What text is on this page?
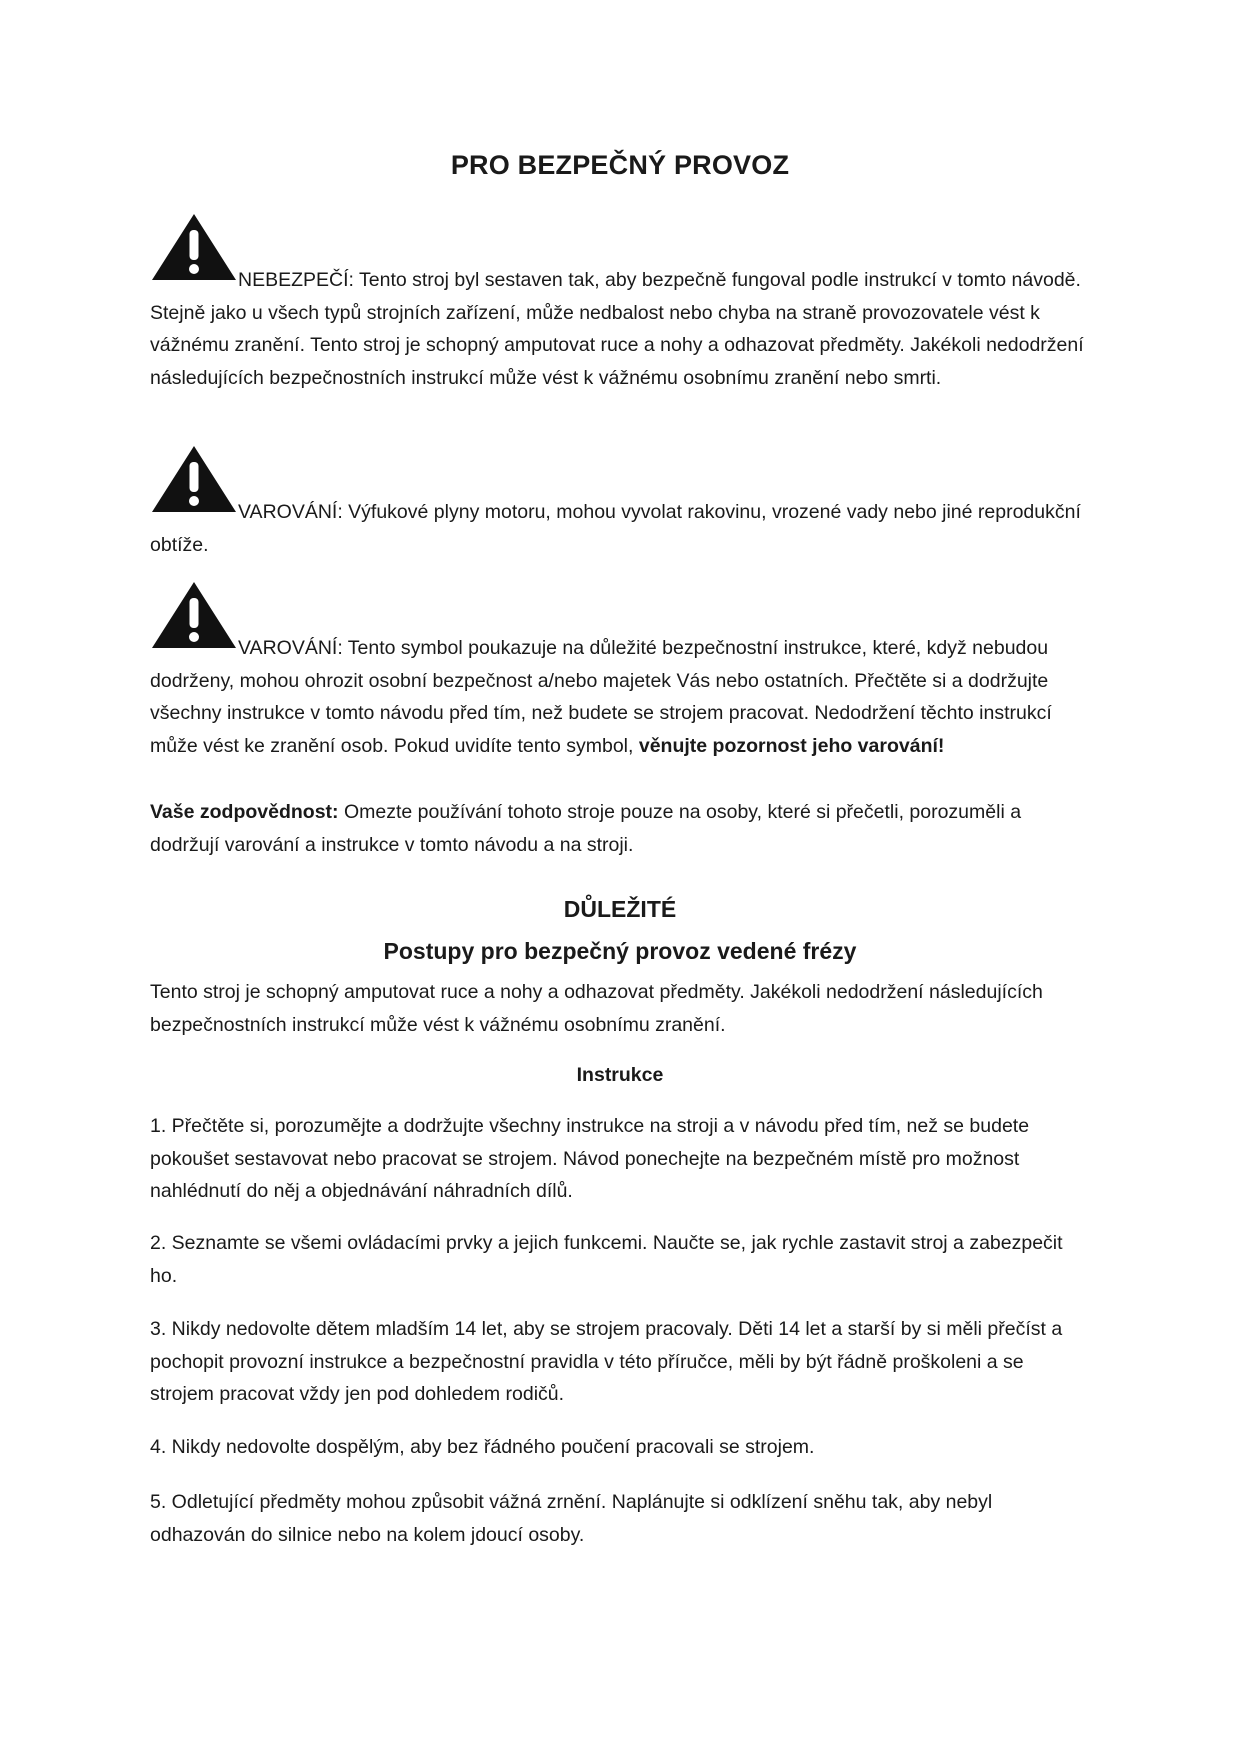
PRO BEZPEČNÝ PROVOZ

NEBEZPEČÍ: Tento stroj byl sestaven tak, aby bezpečně fungoval podle instrukcí v tomto návodě. Stejně jako u všech typů strojních zařízení, může nedbalost nebo chyba na straně provozovatele vést k vážnému zranění. Tento stroj je schopný amputovat ruce a nohy a odhazovat předměty. Jakékoli nedodržení následujících bezpečnostních instrukcí může vést k vážnému osobnímu zranění nebo smrti.

VAROVÁNÍ: Výfukové plyny motoru, mohou vyvolat rakovinu, vrozené vady nebo jiné reprodukční obtíže.

VAROVÁNÍ: Tento symbol poukazuje na důležité bezpečnostní instrukce, které, když nebudou dodrženy, mohou ohrozit osobní bezpečnost a/nebo majetek Vás nebo ostatních. Přečtěte si a dodržujte všechny instrukce v tomto návodu před tím, než budete se strojem pracovat. Nedodržení těchto instrukcí může vést ke zranění osob. Pokud uvidíte tento symbol, věnujte pozornost jeho varování!

Vaše zodpovědnost: Omezte používání tohoto stroje pouze na osoby, které si přečetli, porozuměli a dodržují varování a instrukce v tomto návodu a na stroji.

DŮLEŽITÉ
Postupy pro bezpečný provoz vedené frézy

Tento stroj je schopný amputovat ruce a nohy a odhazovat předměty. Jakékoli nedodržení následujících bezpečnostních instrukcí může vést k vážnému osobnímu zranění.

Instrukce

1. Přečtěte si, porozumějte a dodržujte všechny instrukce na stroji a v návodu před tím, než se budete pokoušet sestavovat nebo pracovat se strojem. Návod ponechejte na bezpečném místě pro možnost nahlédnutí do něj a objednávání náhradních dílů.

2. Seznamte se všemi ovládacími prvky a jejich funkcemi. Naučte se, jak rychle zastavit stroj a zabezpečit ho.

3. Nikdy nedovolte dětem mladším 14 let, aby se strojem pracovaly. Děti 14 let a starší by si měli přečíst a pochopit provozní instrukce a bezpečnostní pravidla v této příručce, měli by být řádně proškoleni a se strojem pracovat vždy jen pod dohledem rodičů.

4. Nikdy nedovolte dospělým, aby bez řádného poučení pracovali se strojem.

5. Odletující předměty mohou způsobit vážná zrnění. Naplánujte si odklízení sněhu tak, aby nebyl odhazován do silnice nebo na kolem jdoucí osoby.
